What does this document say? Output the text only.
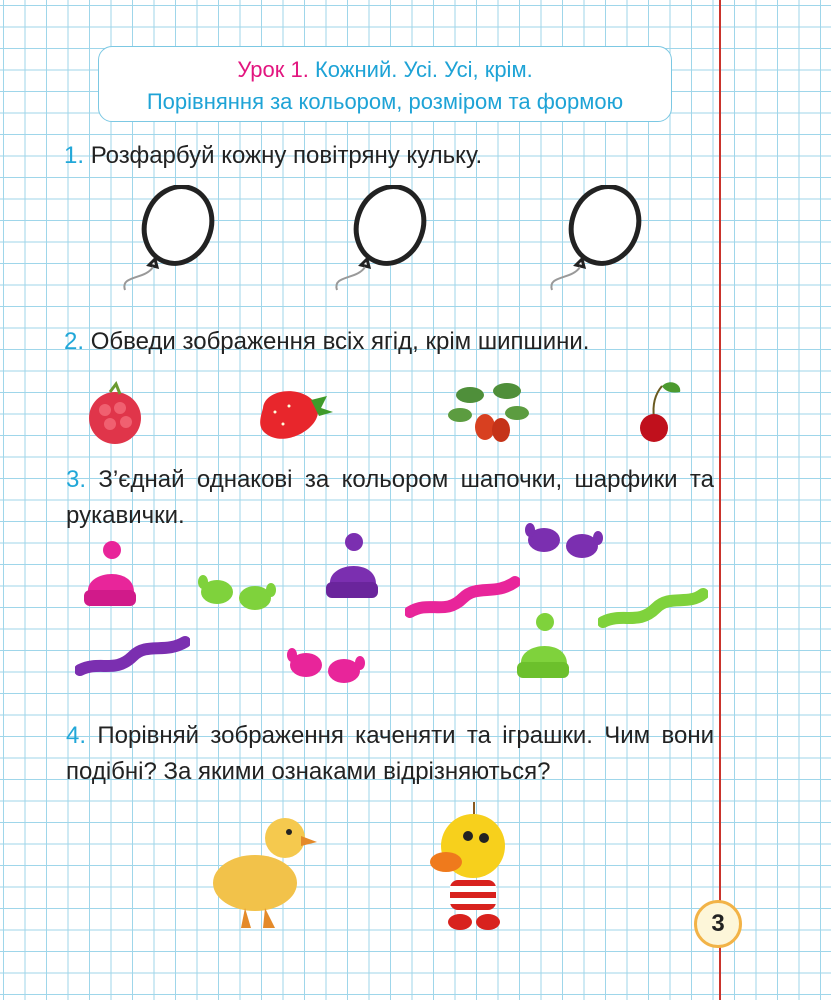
Урок 1. Кожний. Усі. Усі, крім.
Порівняння за кольором, розміром та формою
1. Розфарбуй кожну повітряну кульку.
2. Обведи зображення всіх ягід, крім шипшини.
3. З’єднай однакові за кольором шапочки, шарфики та рукавички.
4. Порівняй зображення каченяти та іграшки. Чим вони подібні? За якими ознаками відрізняються?
3
